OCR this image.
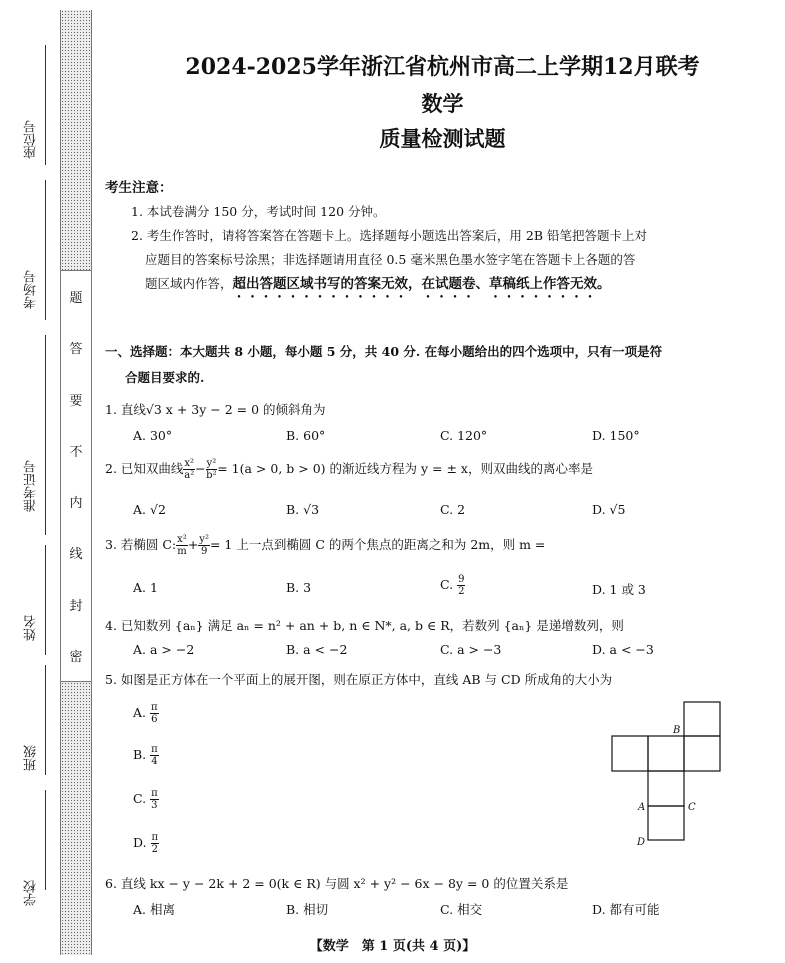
题
答
要
不
内
线
封
密
座位号
考场号
准考证号
姓名
班级
学校
2024-2025学年浙江省杭州市高二上学期12月联考
数学
质量检测试题
考生注意：
1. 本试卷满分 150 分，考试时间 120 分钟。
2. 考生作答时，请将答案答在答题卡上。选择题每小题选出答案后，用 2B 铅笔把答题卡上对
应题目的答案标号涂黑；非选择题请用直径 0.5 毫米黑色墨水签字笔在答题卡上各题的答
题区域内作答，超出答题区域书写的答案无效，在试题卷、草稿纸上作答无效。
一、选择题：本大题共 8 小题，每小题 5 分，共 40 分. 在每小题给出的四个选项中，只有一项是符
合题目要求的.
1. 直线√3 x + 3y − 2 = 0 的倾斜角为
A. 30°	B. 60°	C. 120°	D. 150°
2. 已知双曲线 $\frac{\text{x²}}{\text{a²}} - \frac{\text{y²}}{\text{b²}} = 1(a > 0$, b > 0) 的渐近线方程为 y = ± x，则双曲线的离心率是
A. √2	B. √3	C. 2	D. √5
3. 若椭圆 C: $\frac{\text{x²}}{m} + \frac{\text{y²}}{9} = 1$ 上一点到椭圆 C 的两个焦点的距离之和为 2m，则 m =
A. 1	B. 3	C. $\frac{9}{2}$	D. 1 或 3
4. 已知数列 {aₙ} 满足 aₙ = n² + an + b, n ∈ N*, a, b ∈ R，若数列 {aₙ} 是递增数列，则
A. a > −2	B. a < −2	C. a > −3	D. a < −3
5. 如图是正方体在一个平面上的展开图，则在原正方体中，直线 AB 与 CD 所成角的大小为
A. $\frac{\pi}{6}$
B. $\frac{\pi}{4}$
C. $\frac{\pi}{3}$
D. $\frac{\pi}{2}$
6. 直线 kx − y − 2k + 2 = 0(k ∈ R) 与圆 x² + y² − 6x − 8y = 0 的位置关系是
A. 相离	B. 相切	C. 相交	D. 都有可能
B
A	C
D
【数学　第 1 页(共 4 页)】
